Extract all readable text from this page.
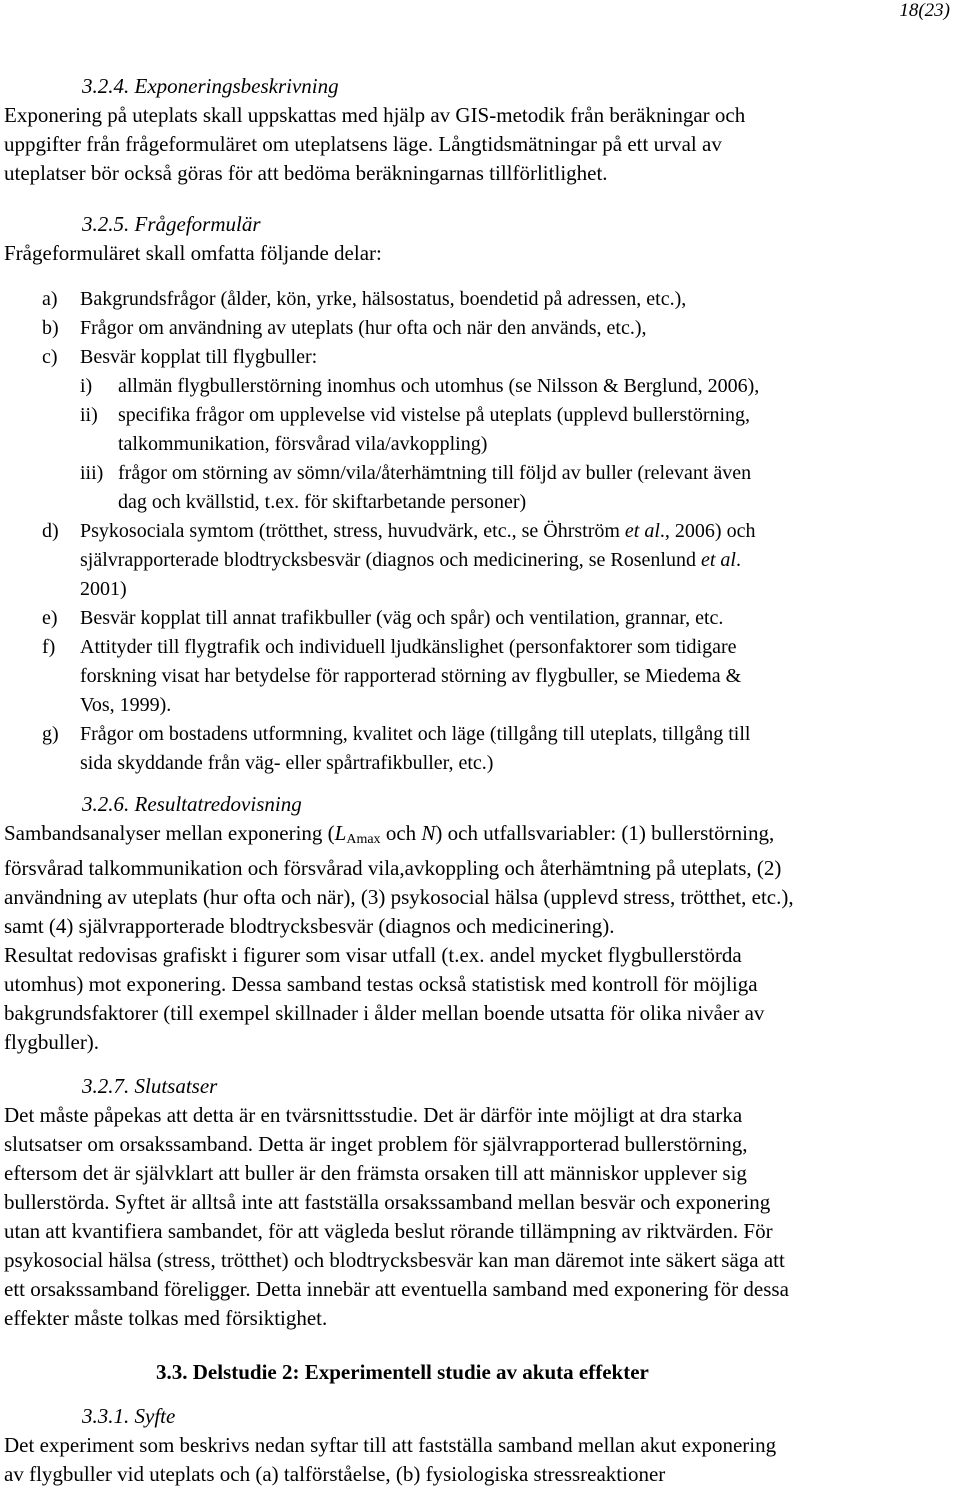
18(23)
3.2.4. Exponeringsbeskrivning
Exponering på uteplats skall uppskattas med hjälp av GIS-metodik från beräkningar och
uppgifter från frågeformuläret om uteplatsens läge. Långtidsmätningar på ett urval av
uteplatser bör också göras för att bedöma beräkningarnas tillförlitlighet.
3.2.5. Frågeformulär
Frågeformuläret skall omfatta följande delar:
a) Bakgrundsfrågor (ålder, kön, yrke, hälsostatus, boendetid på adressen, etc.),
b) Frågor om användning av uteplats (hur ofta och när den används, etc.),
c) Besvär kopplat till flygbuller:
i) allmän flygbullerstörning inomhus och utomhus (se Nilsson & Berglund, 2006),
ii) specifika frågor om upplevelse vid vistelse på uteplats (upplevd bullerstörning,
talkommunikation, försvårad vila/avkoppling)
iii) frågor om störning av sömn/vila/återhämtning till följd av buller (relevant även
dag och kvällstid, t.ex. för skiftarbetande personer)
d) Psykosociala symtom (trötthet, stress, huvudvärk, etc., se Öhrström et al., 2006) och
självrapporterade blodtrycksbesvär (diagnos och medicinering, se Rosenlund et al.
2001)
e) Besvär kopplat till annat trafikbuller (väg och spår) och ventilation, grannar, etc.
f) Attityder till flygtrafik och individuell ljudkänslighet (personfaktorer som tidigare
forskning visat har betydelse för rapporterad störning av flygbuller, se Miedema &
Vos, 1999).
g) Frågor om bostadens utformning, kvalitet och läge (tillgång till uteplats, tillgång till
sida skyddande från väg- eller spårtrafikbuller, etc.)
3.2.6. Resultatredovisning
Sambandsanalyser mellan exponering ($L_{Amax}$ och N) och utfallsvariabler: (1) bullerstörning,
försvårad talkommunikation och försvårad vila,avkoppling och återhämtning på uteplats, (2)
användning av uteplats (hur ofta och när), (3) psykosocial hälsa (upplevd stress, trötthet, etc.),
samt (4) självrapporterade blodtrycksbesvär (diagnos och medicinering).
Resultat redovisas grafiskt i figurer som visar utfall (t.ex. andel mycket flygbullerstörda
utomhus) mot exponering. Dessa samband testas också statistisk med kontroll för möjliga
bakgrundsfaktorer (till exempel skillnader i ålder mellan boende utsatta för olika nivåer av
flygbuller).
3.2.7. Slutsatser
Det måste påpekas att detta är en tvärsnittsstudie. Det är därför inte möjligt at dra starka
slutsatser om orsakssamband. Detta är inget problem för självrapporterad bullerstörning,
eftersom det är självklart att buller är den främsta orsaken till att människor upplever sig
bullerstörda. Syftet är alltså inte att fastställa orsakssamband mellan besvär och exponering
utan att kvantifiera sambandet, för att vägleda beslut rörande tillämpning av riktvärden. För
psykosocial hälsa (stress, trötthet) och blodtrycksbesvär kan man däremot inte säkert säga att
ett orsakssamband föreligger. Detta innebär att eventuella samband med exponering för dessa
effekter måste tolkas med försiktighet.
3.3. Delstudie 2: Experimentell studie av akuta effekter
3.3.1. Syfte
Det experiment som beskrivs nedan syftar till att fastställa samband mellan akut exponering
av flygbuller vid uteplats och (a) talförståelse, (b) fysiologiska stressreaktioner
